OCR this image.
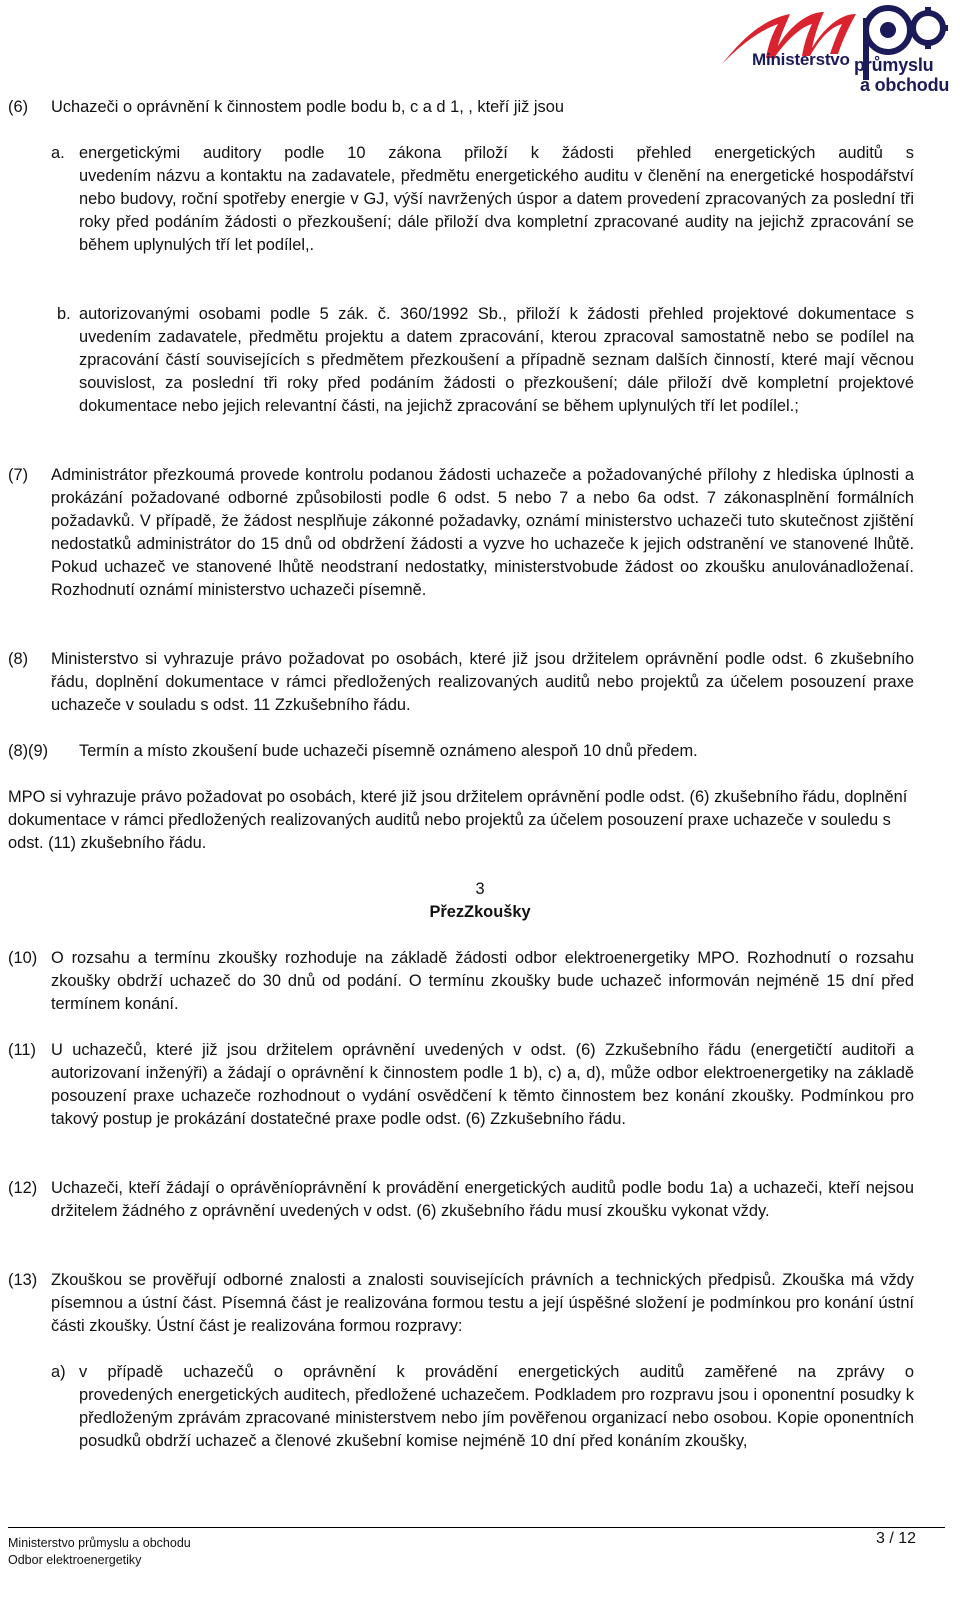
Ministerstvo průmyslu
a obchodu
(6) Uchazeči o oprávnění k činnostem podle bodu b, c a d 1, , kteří již jsou
a. energetickými auditory podle 10 zákona přiloží k žádosti přehled energetických auditů s
uvedením názvu a kontaktu na zadavatele, předmětu energetického auditu v členění na energetické hospodářství nebo budovy, roční spotřeby energie v GJ, výší navržených úspor a datem provedení zpracovaných za poslední tři roky před podáním žádosti o přezkoušení; dále přiloží dva kompletní zpracované audity na jejichž zpracování se během uplynulých tří let podílel,.
b. autorizovanými osobami podle 5 zák. č. 360/1992 Sb., přiloží k žádosti přehled projektové dokumentace s uvedením zadavatele, předmětu projektu a datem zpracování, kterou zpracoval samostatně nebo se podílel na zpracování částí souvisejících s předmětem přezkoušení a případně seznam dalších činností, které mají věcnou souvislost, za poslední tři roky před podáním žádosti o přezkoušení; dále přiloží dvě kompletní projektové dokumentace nebo jejich relevantní části, na jejichž zpracování se během uplynulých tří let podílel.;
(7) Administrátor přezkoumá provede kontrolu podanou žádosti uchazeče a požadovanýché přílohy z hlediska úplnosti a prokázání požadované odborné způsobilosti podle 6 odst. 5 nebo 7 a nebo 6a odst. 7 zákonasplnění formálních požadavků. V případě, že žádost nesplňuje zákonné požadavky, oznámí ministerstvo uchazeči tuto skutečnost zjištění nedostatků administrátor do 15 dnů od obdržení žádosti a vyzve ho uchazeče k jejich odstranění ve stanovené lhůtě. Pokud uchazeč ve stanovené lhůtě neodstraní nedostatky, ministerstvobude žádost oo zkoušku anulovánadloženaí. Rozhodnutí oznámí ministerstvo uchazeči písemně.
(8) Ministerstvo si vyhrazuje právo požadovat po osobách, které již jsou držitelem oprávnění podle odst. 6 zkušebního řádu, doplnění dokumentace v rámci předložených realizovaných auditů nebo projektů za účelem posouzení praxe uchazeče v souladu s odst. 11 Zzkušebního řádu.
(8)(9) Termín a místo zkoušení bude uchazeči písemně oznámeno alespoň 10 dnů předem.
MPO si vyhrazuje právo požadovat po osobách, které již jsou držitelem oprávnění podle odst. (6) zkušebního řádu, doplnění dokumentace v rámci předložených realizovaných auditů nebo projektů za účelem posouzení praxe uchazeče v souledu s odst. (11) zkušebního řádu.
3
PřezZkoušky
(10) O rozsahu a termínu zkoušky rozhoduje na základě žádosti odbor elektroenergetiky MPO. Rozhodnutí o rozsahu zkoušky obdrží uchazeč do 30 dnů od podání. O termínu zkoušky bude uchazeč informován nejméně 15 dní před termínem konání.
(11) U uchazečů, které již jsou držitelem oprávnění uvedených v odst. (6) Zzkušebního řádu (energetičtí auditoři a autorizovaní inženýři) a žádají o oprávnění k činnostem podle 1 b), c) a, d), může odbor elektroenergetiky na základě posouzení praxe uchazeče rozhodnout o vydání osvědčení k těmto činnostem bez konání zkoušky. Podmínkou pro takový postup je prokázání dostatečné praxe podle odst. (6) Zzkušebního řádu.
(12) Uchazeči, kteří žádají o oprávěníoprávnění k provádění energetických auditů podle bodu 1a) a uchazeči, kteří nejsou držitelem žádného z oprávnění uvedených v odst. (6) zkušebního řádu musí zkoušku vykonat vždy.
(13) Zkouškou se prověřují odborné znalosti a znalosti souvisejících právních a technických předpisů. Zkouška má vždy písemnou a ústní část. Písemná část je realizována formou testu a její úspěšné složení je podmínkou pro konání ústní části zkoušky. Ústní část je realizována formou rozpravy:
a) v případě uchazečů o oprávnění k provádění energetických auditů zaměřené na zprávy o
provedených energetických auditech, předložené uchazečem. Podkladem pro rozpravu jsou i oponentní posudky k předloženým zprávám zpracované ministerstvem nebo jím pověřenou organizací nebo osobou. Kopie oponentních posudků obdrží uchazeč a členové zkušební komise nejméně 10 dní před konáním zkoušky,
Ministerstvo průmyslu a obchodu
Odbor elektroenergetiky
3 / 12
